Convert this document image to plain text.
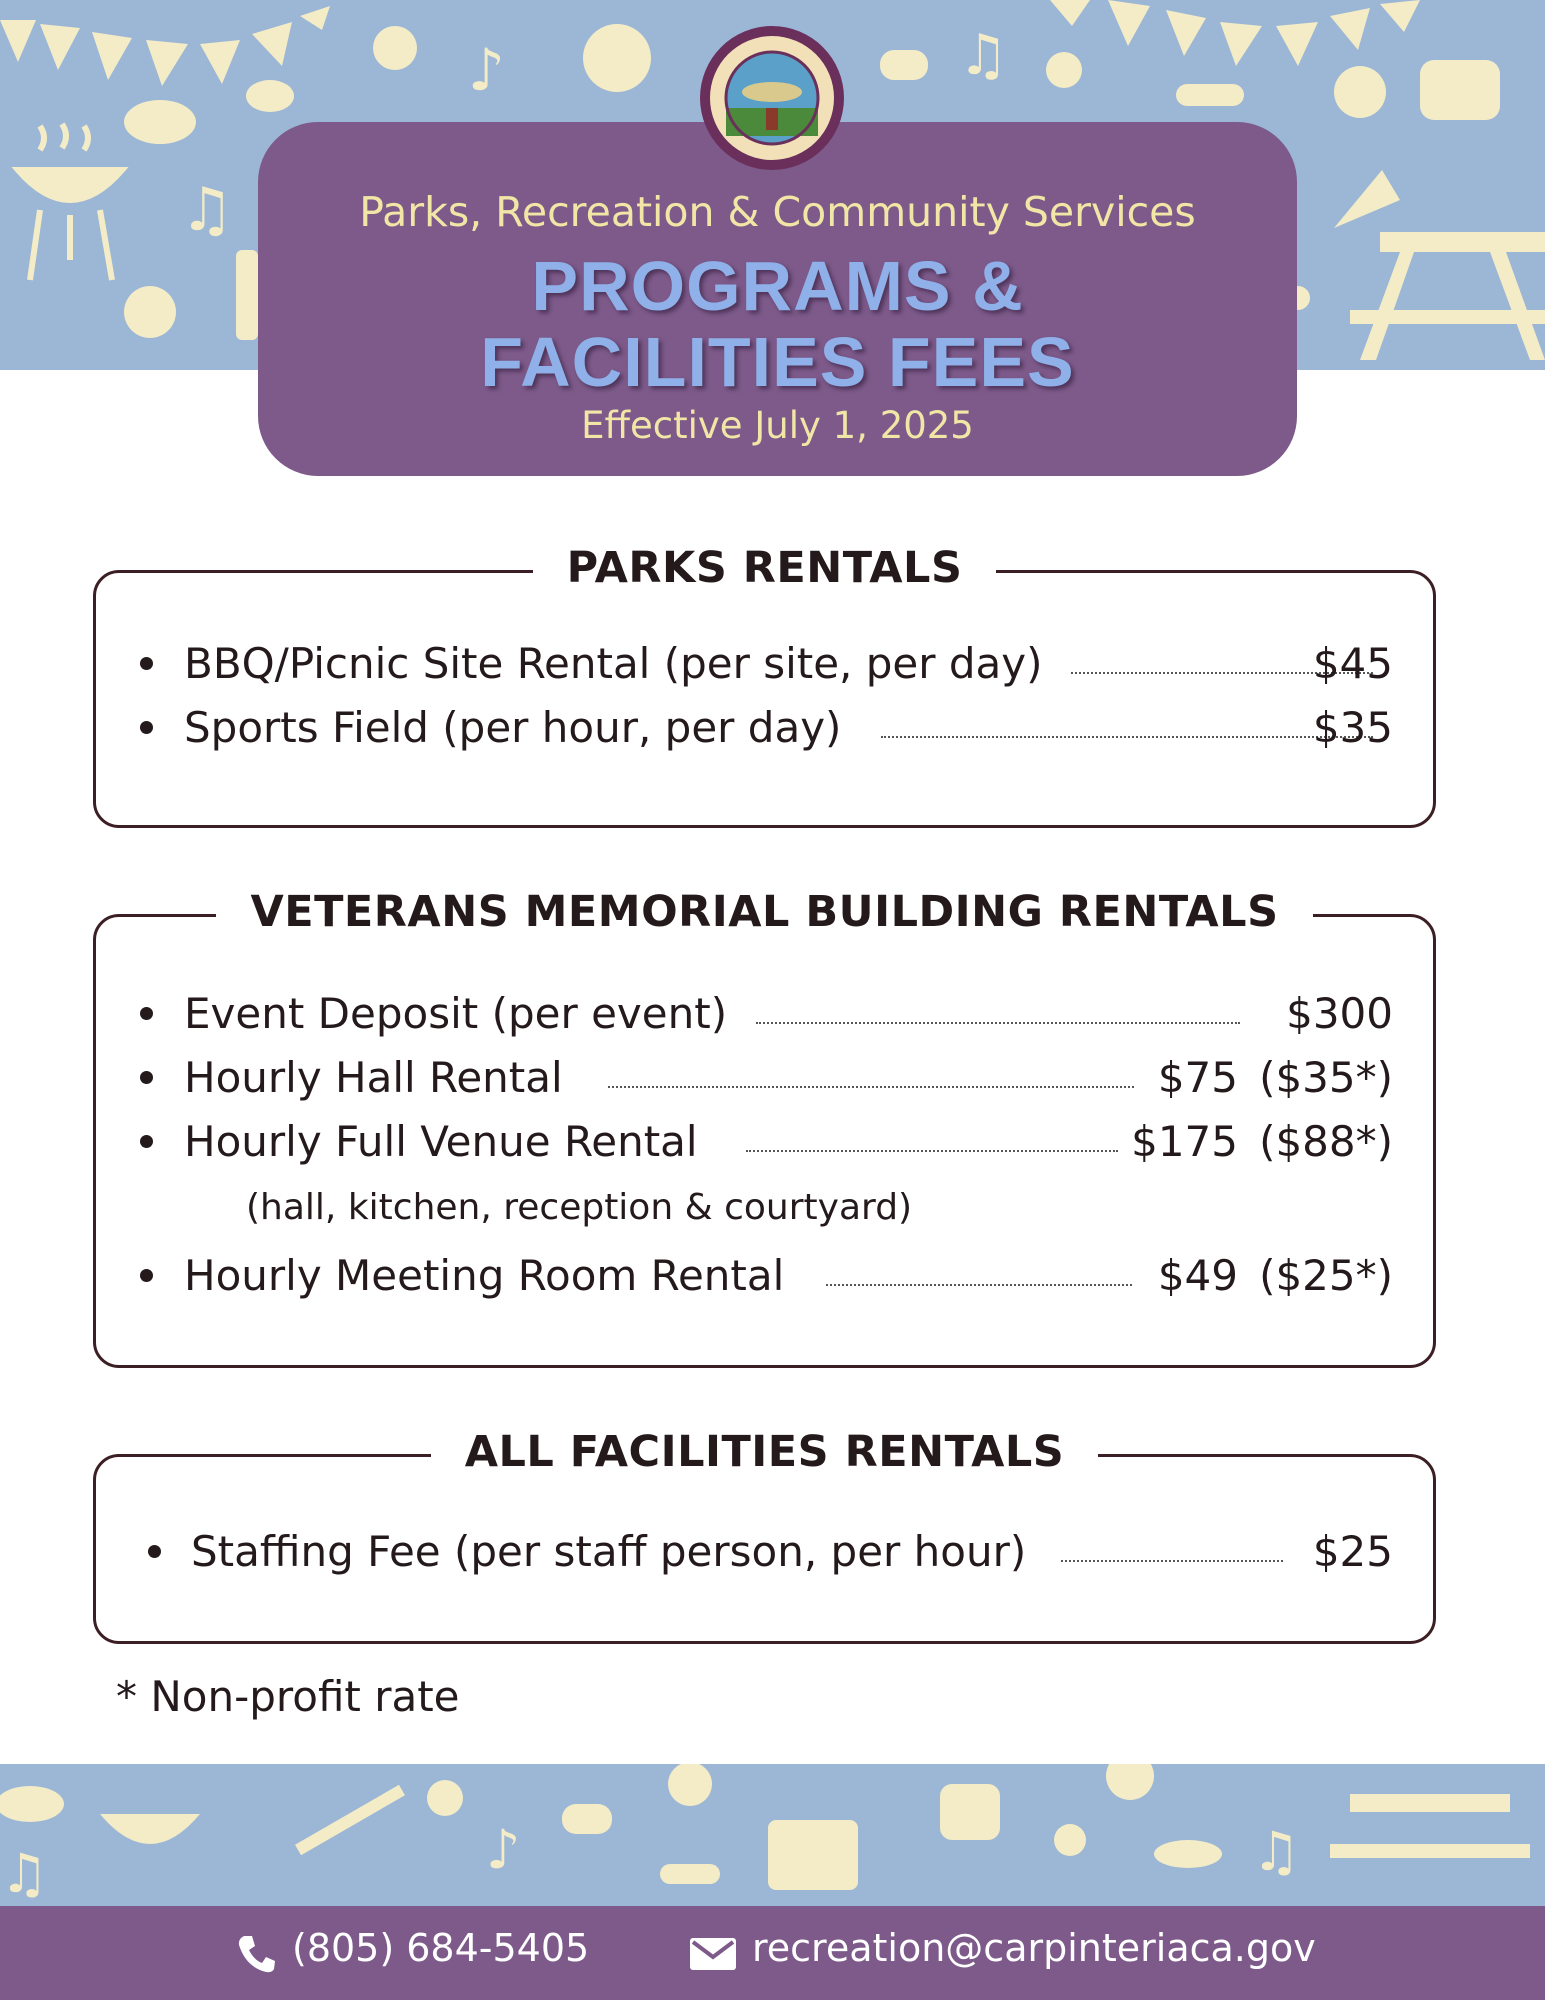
♫
♪	♫
Parks, Recreation & Community Services
PROGRAMS &
FACILITIES FEES
Effective July 1, 2025
PARKS RENTALS
BBQ/Picnic Site Rental (per site, per day)	$45
Sports Field (per hour, per day)	$35
VETERANS MEMORIAL BUILDING RENTALS
Event Deposit (per event)	$300
Hourly Hall Rental	$75 ($35*)
Hourly Full Venue Rental	$175 ($88*)
(hall, kitchen, reception & courtyard)
Hourly Meeting Room Rental	$49 ($25*)
ALL FACILITIES RENTALS
Staffing Fee (per staff person, per hour)	$25
* Non-profit rate
♫	♪	♫
(805) 684-5405	recreation@carpinteriaca.gov
